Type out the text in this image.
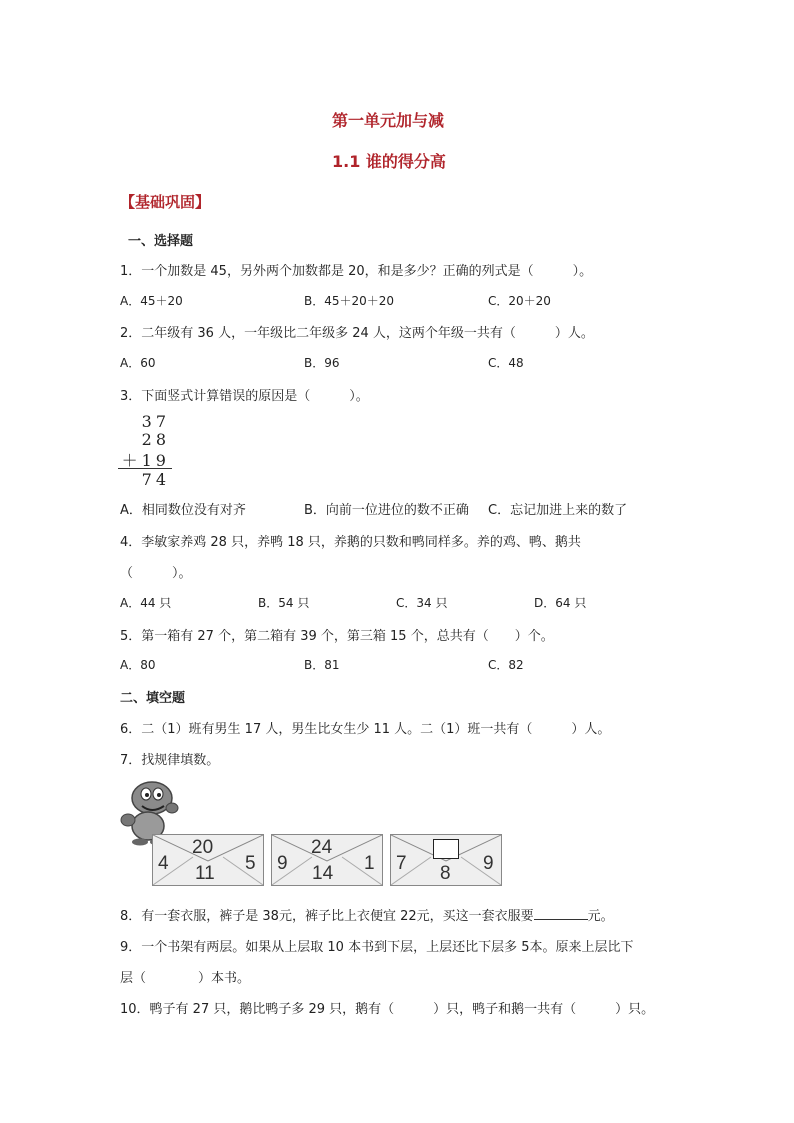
第一单元加与减
1.1 谁的得分高
【基础巩固】
一、选择题
1．一个加数是 45，另外两个加数都是 20，和是多少？正确的列式是（　　　）。
A．45＋20	B．45＋20＋20	C．20＋20
2．二年级有 36 人，一年级比二年级多 24 人，这两个年级一共有（　　　）人。
A．60	B．96	C．48
3．下面竖式计算错误的原因是（　　　）。
37
28
＋19
74
A．相同数位没有对齐	B．向前一位进位的数不正确 C．忘记加进上来的数了
4．李敏家养鸡 28 只，养鸭 18 只，养鹅的只数和鸭同样多。养的鸡、鸭、鹅共
（　　　）。
A．44 只	B．54 只	C．34 只	D．64 只
5．第一箱有 27 个，第二箱有 39 个，第三箱 15 个，总共有（　　）个。
A．80	B．81	C．82
二、填空题
6．二（1）班有男生 17 人，男生比女生少 11 人。二（1）班一共有（　　　）人。
7．找规律填数。
20
4	5
11
24
9	1
14	7	9
8
8．有一套衣服，裤子是 38元，裤子比上衣便宜 22元，买这一套衣服要	元。
9．一个书架有两层。如果从上层取 10 本书到下层，上层还比下层多 5本。原来上层比下
层（　　　　）本书。
10．鸭子有 27 只，鹅比鸭子多 29 只，鹅有（　　　）只，鸭子和鹅一共有（　　　）只。
